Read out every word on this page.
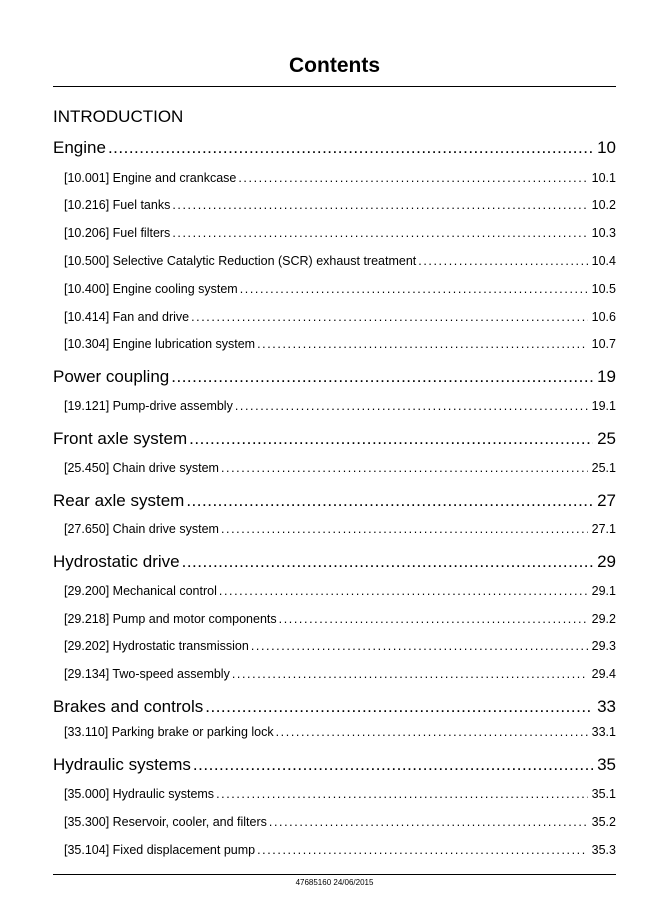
Contents
INTRODUCTION
Engine .....	10
[10.001] Engine and crankcase .....	10.1
[10.216] Fuel tanks .....	10.2
[10.206] Fuel filters .....	10.3
[10.500] Selective Catalytic Reduction (SCR) exhaust treatment .....	10.4
[10.400] Engine cooling system .....	10.5
[10.414] Fan and drive .....	10.6
[10.304] Engine lubrication system .....	10.7
Power coupling .....	19
[19.121] Pump-drive assembly .....	19.1
Front axle system .....	25
[25.450] Chain drive system .....	25.1
Rear axle system .....	27
[27.650] Chain drive system .....	27.1
Hydrostatic drive .....	29
[29.200] Mechanical control .....	29.1
[29.218] Pump and motor components .....	29.2
[29.202] Hydrostatic transmission .....	29.3
[29.134] Two-speed assembly .....	29.4
Brakes and controls .....	33
[33.110] Parking brake or parking lock .....	33.1
Hydraulic systems .....	35
[35.000] Hydraulic systems .....	35.1
[35.300] Reservoir, cooler, and filters .....	35.2
[35.104] Fixed displacement pump .....	35.3
47685160 24/06/2015
